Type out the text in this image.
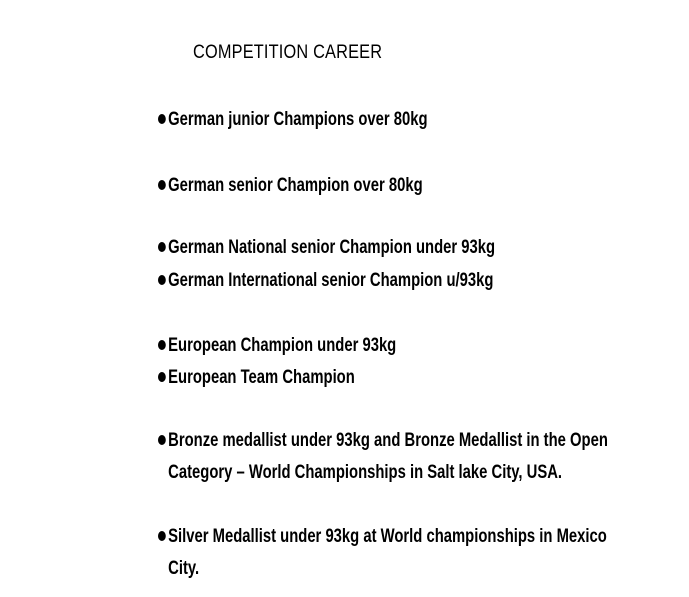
COMPETITION CAREER
German junior Champions over 80kg
German senior Champion over 80kg
German National senior Champion under 93kg
German International senior Champion u/93kg
European Champion under 93kg
European Team Champion
Bronze medallist under 93kg and Bronze Medallist in the Open
Category – World Championships in Salt lake City, USA.
Silver Medallist under 93kg at World championships in Mexico
City.
